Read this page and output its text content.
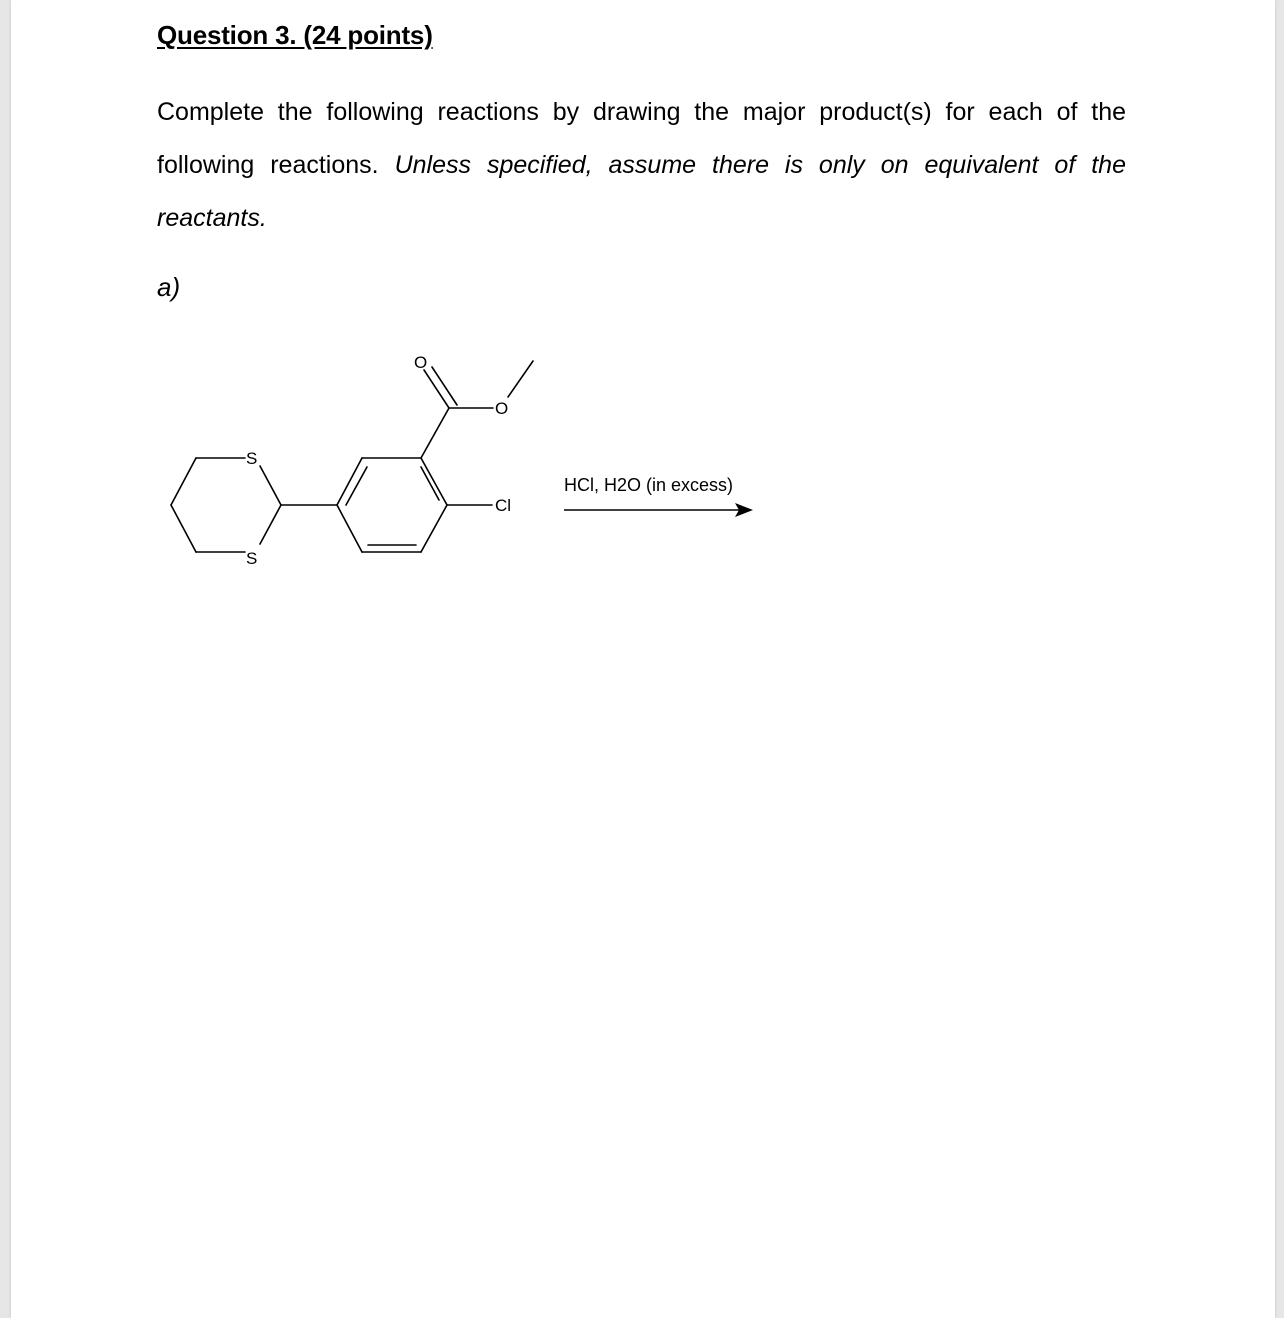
Question 3. (24 points)
Complete the following reactions by drawing the major product(s) for each of the following reactions. Unless specified, assume there is only on equivalent of the reactants.
a)
O
O
S
S
Cl
HCl, H2O (in excess)
